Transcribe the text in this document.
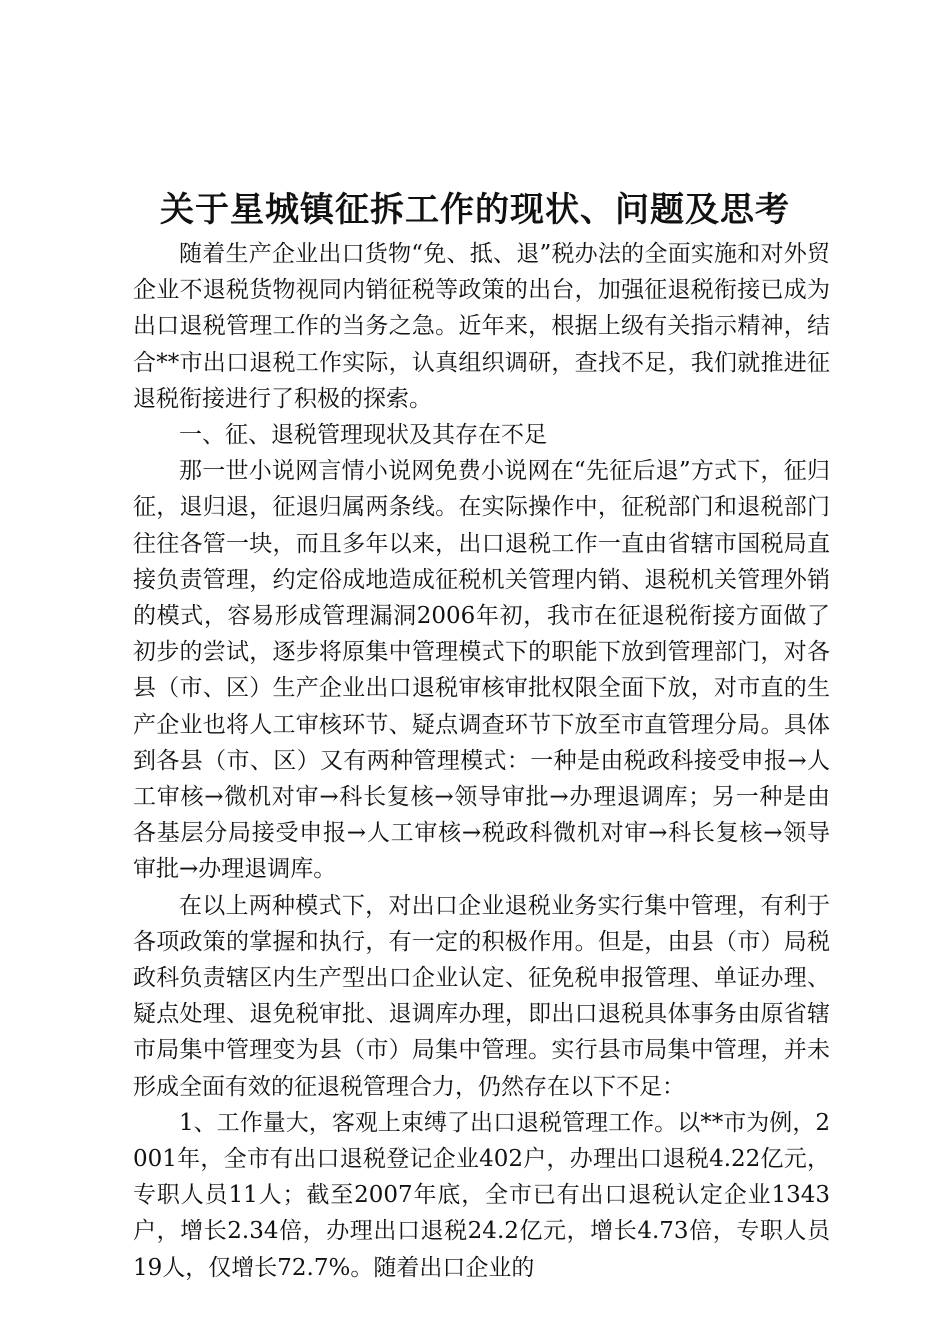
关于星城镇征拆工作的现状、问题及思考

随着生产企业出口货物“免、抵、退”税办法的全面实施和对外贸企业不退税货物视同内销征税等政策的出台，加强征退税衔接已成为出口退税管理工作的当务之急。近年来，根据上级有关指示精神，结合**市出口退税工作实际，认真组织调研，查找不足，我们就推进征退税衔接进行了积极的探索。

一、征、退税管理现状及其存在不足

那一世小说网言情小说网免费小说网在“先征后退”方式下，征归征，退归退，征退归属两条线。在实际操作中，征税部门和退税部门往往各管一块，而且多年以来，出口退税工作一直由省辖市国税局直接负责管理，约定俗成地造成征税机关管理内销、退税机关管理外销的模式，容易形成管理漏洞2006年初，我市在征退税衔接方面做了初步的尝试，逐步将原集中管理模式下的职能下放到管理部门，对各县（市、区）生产企业出口退税审核审批权限全面下放，对市直的生产企业也将人工审核环节、疑点调查环节下放至市直管理分局。具体到各县（市、区）又有两种管理模式：一种是由税政科接受申报→人工审核→微机对审→科长复核→领导审批→办理退调库；另一种是由各基层分局接受申报→人工审核→税政科微机对审→科长复核→领导审批→办理退调库。

在以上两种模式下，对出口企业退税业务实行集中管理，有利于各项政策的掌握和执行，有一定的积极作用。但是，由县（市）局税政科负责辖区内生产型出口企业认定、征免税申报管理、单证办理、疑点处理、退免税审批、退调库办理，即出口退税具体事务由原省辖市局集中管理变为县（市）局集中管理。实行县市局集中管理，并未形成全面有效的征退税管理合力，仍然存在以下不足：

1、工作量大，客观上束缚了出口退税管理工作。以**市为例，2001年，全市有出口退税登记企业402户，办理出口退税4.22亿元，专职人员11人；截至2007年底，全市已有出口退税认定企业1343户，增长2.34倍，办理出口退税24.2亿元，增长4.73倍，专职人员19人，仅增长72.7%。随着出口企业的
